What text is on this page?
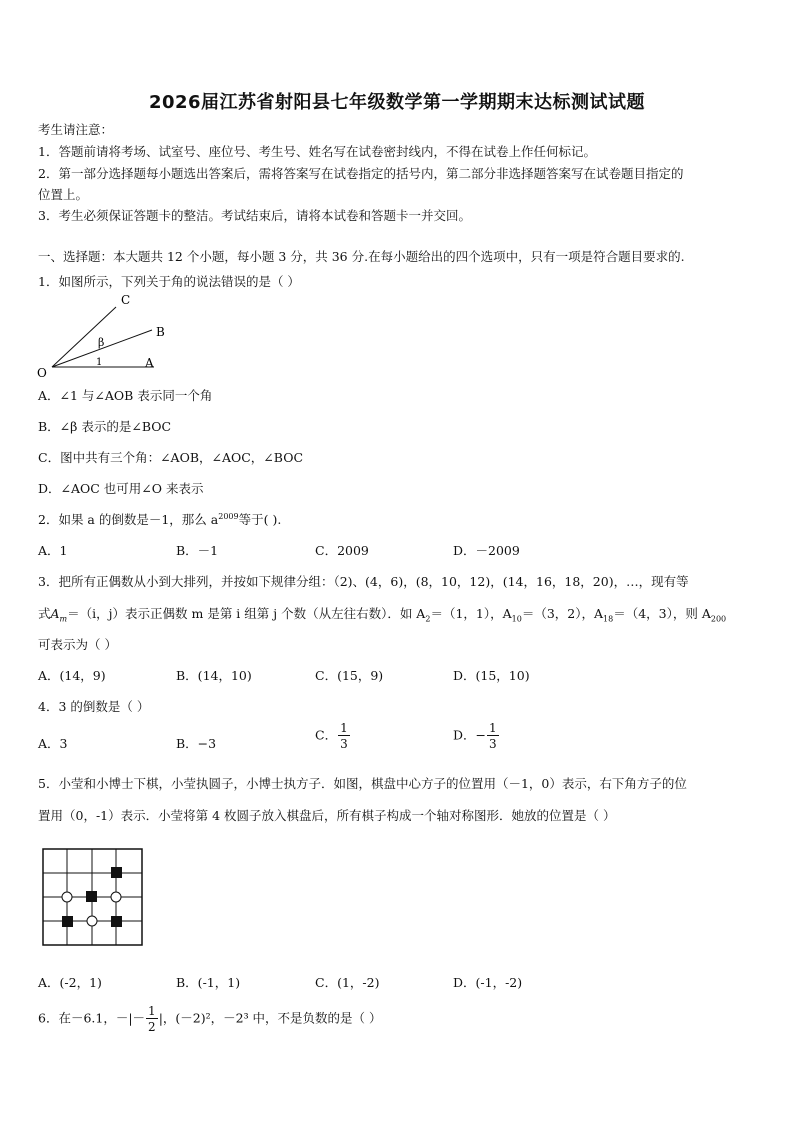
2026届江苏省射阳县七年级数学第一学期期末达标测试试题
考生请注意：
1．答题前请将考场、试室号、座位号、考生号、姓名写在试卷密封线内，不得在试卷上作任何标记。
2．第一部分选择题每小题选出答案后，需将答案写在试卷指定的括号内，第二部分非选择题答案写在试卷题目指定的
位置上。
3．考生必须保证答题卡的整洁。考试结束后，请将本试卷和答题卡一并交回。
一、选择题：本大题共 12 个小题，每小题 3 分，共 36 分.在每小题给出的四个选项中，只有一项是符合题目要求的.
1．如图所示，下列关于角的说法错误的是（ ）
C
B
A
O
β
1
A．∠1 与∠AOB 表示同一个角
B．∠β 表示的是∠BOC
C．图中共有三个角：∠AOB，∠AOC，∠BOC
D．∠AOC 也可用∠O 来表示
2．如果 a 的倒数是－1，那么 $a^{2009}$等于( ).
A．1	B．－1	C．2009	D．－2009
3．把所有正偶数从小到大排列，并按如下规律分组：（2)、(4，6)，(8，10，12)，(14，16，18，20)，…，现有等
式$A_m=(i$，j）表示正偶数 m 是第 i 组第 j 个数（从左往右数）．如 $A_2=(1$，1），$A_{10}=(3$，2），$A_{18}=(4$，3），则 $A_{200}$
可表示为（ ）
A．(14，9)	B．(14，10)	C．(15，9)	D．(15，10)
4．3 的倒数是（ ）
A．3	B．−3
C． $\frac{1}{3}$	D．− $\frac{1}{3}$
5．小莹和小博士下棋，小莹执圆子，小博士执方子．如图，棋盘中心方子的位置用（－1，0）表示，右下角方子的位
置用（0，-1）表示．小莹将第 4 枚圆子放入棋盘后，所有棋子构成一个轴对称图形．她放的位置是（ ）
A．(-2，1)	B．(-1，1)	C．(1，-2)	D．(-1，-2)
6．在－6.1，－|－ $\frac{1}{2}$ |，(－2)²，－2³ 中，不是负数的是（ ）
